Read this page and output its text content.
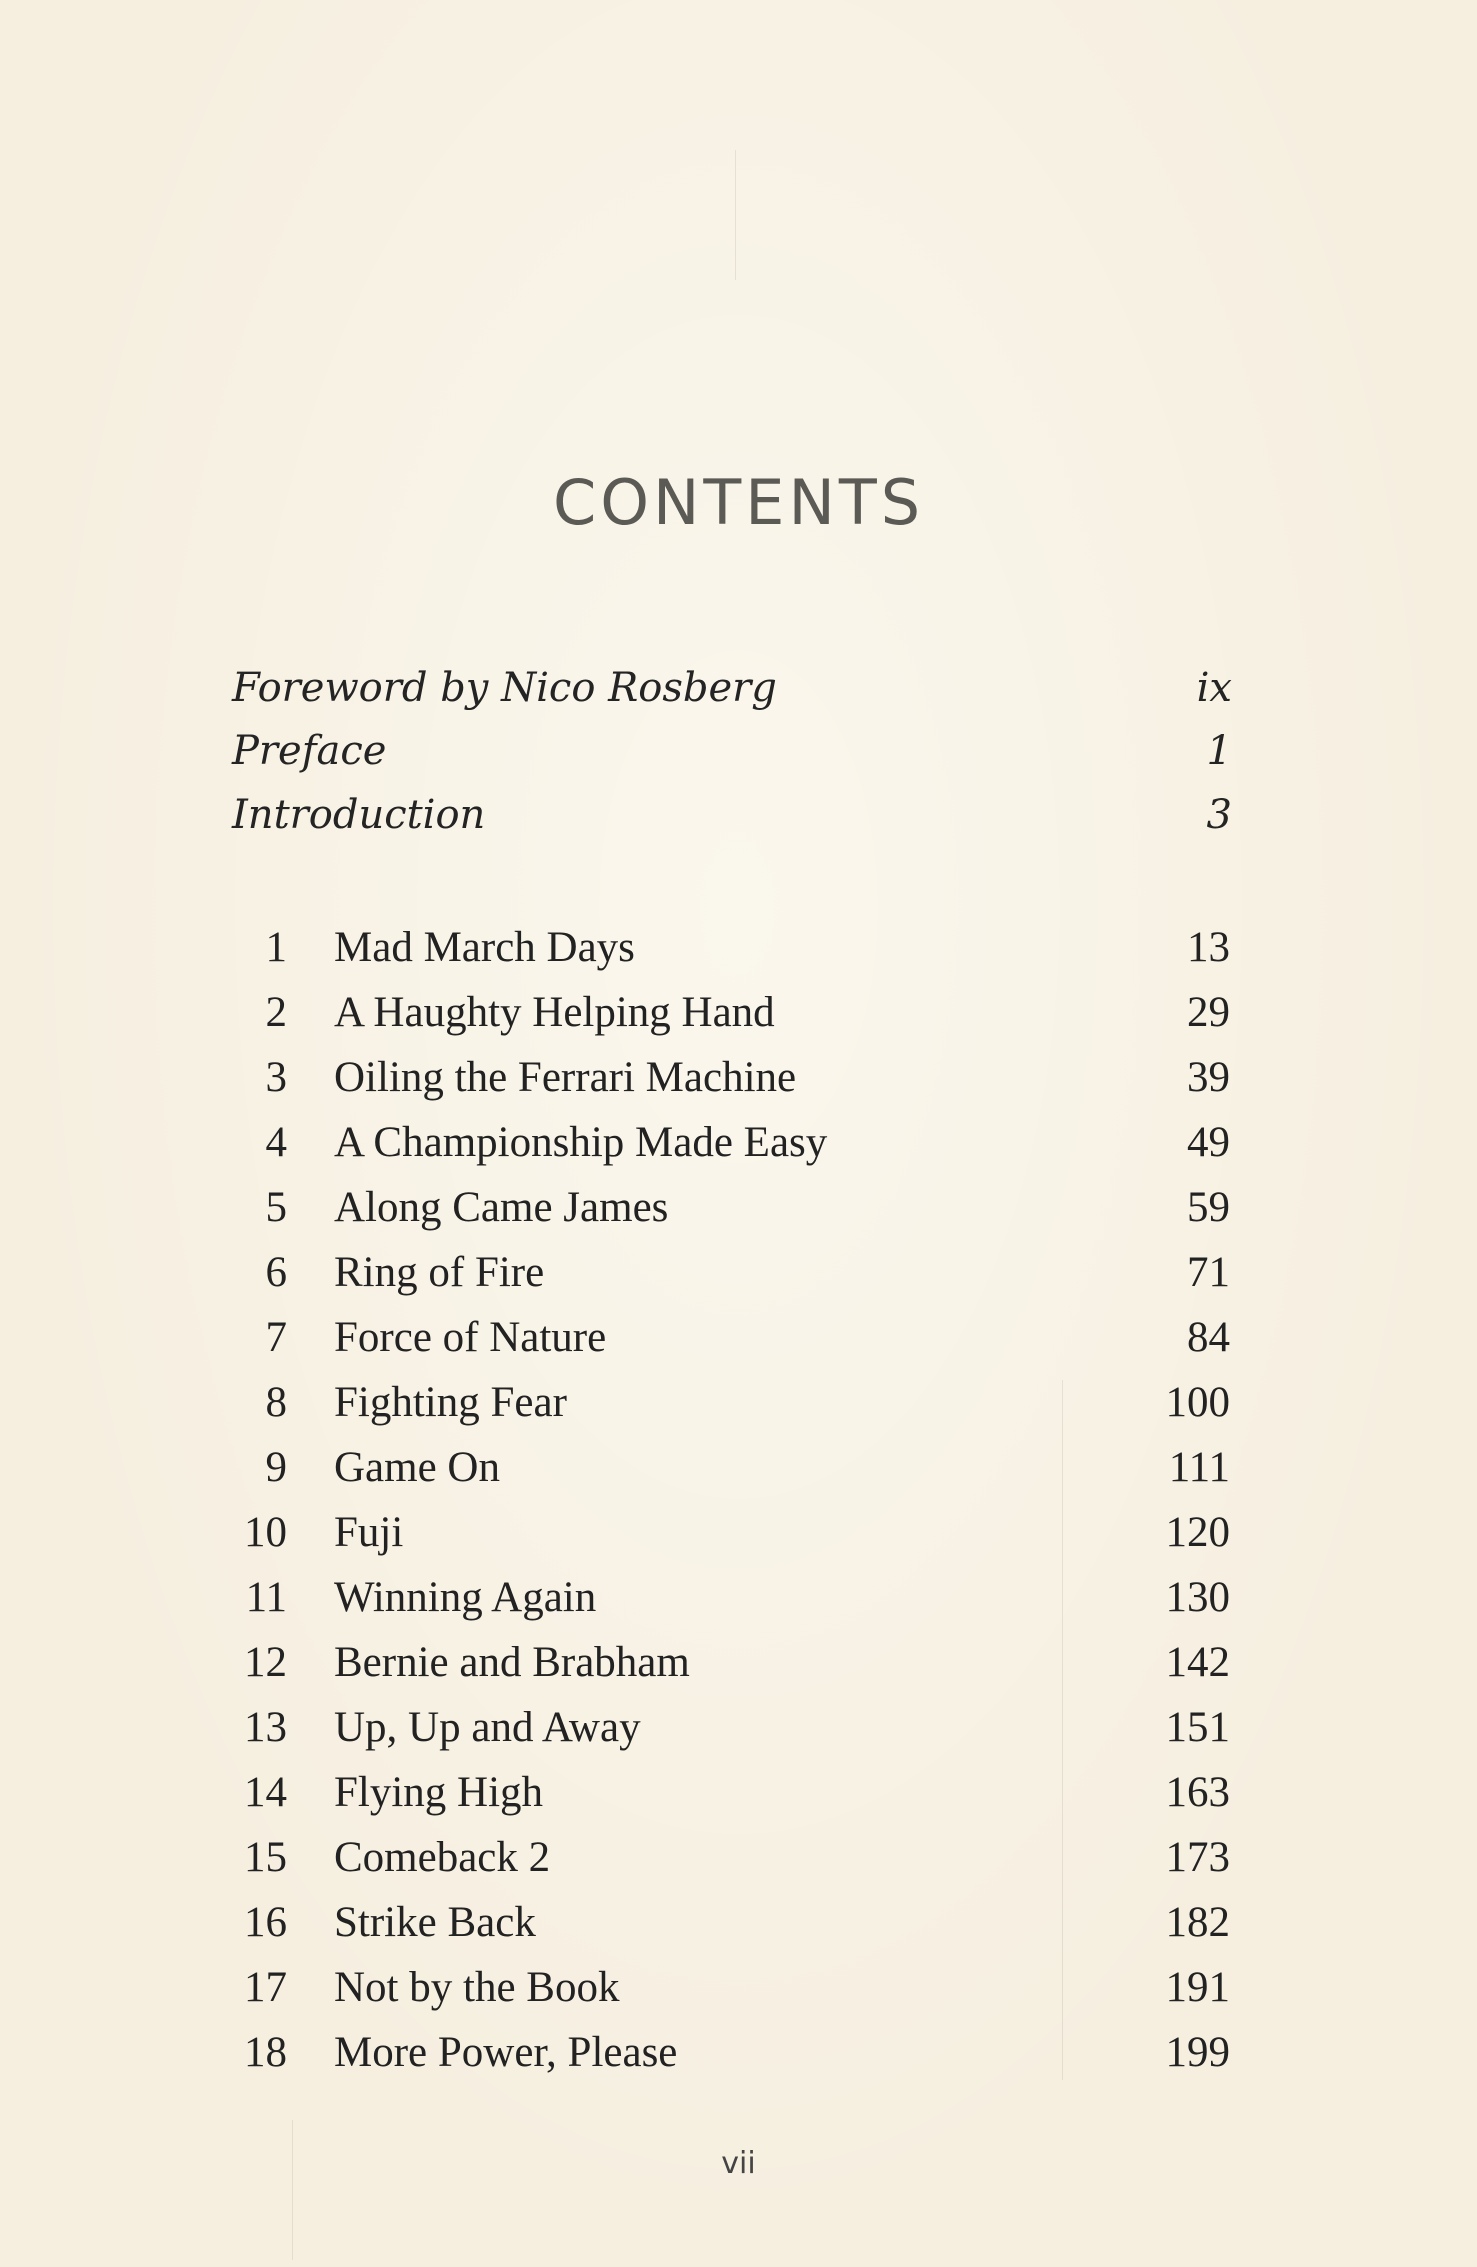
CONTENTS
Foreword by Nico Rosberg	ix
Preface	1
Introduction	3
1 Mad March Days	13
2 A Haughty Helping Hand	29
3 Oiling the Ferrari Machine	39
4 A Championship Made Easy	49
5 Along Came James	59
6 Ring of Fire	71
7 Force of Nature	84
8 Fighting Fear	100
9 Game On	111
10 Fuji	120
11 Winning Again	130
12 Bernie and Brabham	142
13 Up, Up and Away	151
14 Flying High	163
15 Comeback 2	173
16 Strike Back	182
17 Not by the Book	191
18 More Power, Please	199
vii
